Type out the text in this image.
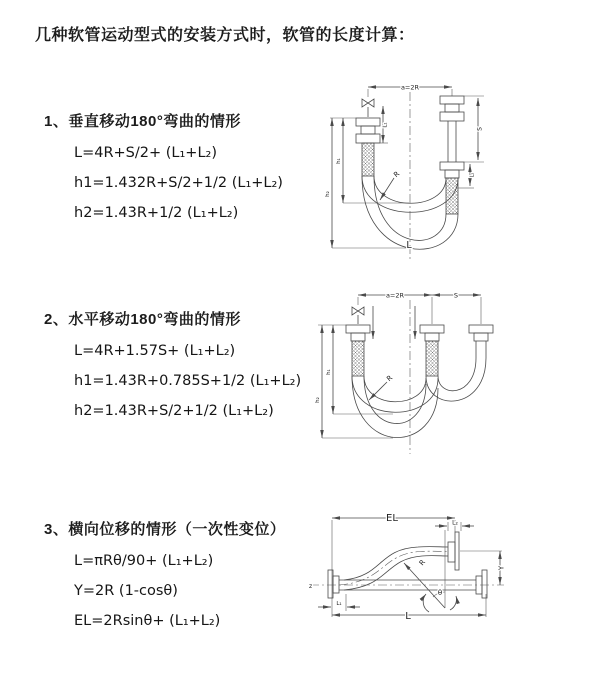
几种软管运动型式的安装方式时，软管的长度计算：
1、垂直移动180°弯曲的情形
L=4R+S/2+ (L₁+L₂)
h1=1.432R+S/2+1/2 (L₁+L₂)
h2=1.43R+1/2 (L₁+L₂)
2、水平移动180°弯曲的情形
L=4R+1.57S+ (L₁+L₂)
h1=1.43R+0.785S+1/2 (L₁+L₂)
h2=1.43R+S/2+1/2 (L₁+L₂)
3、横向位移的情形（一次性变位）
L=πRθ/90+ (L₁+L₂)
Y=2R (1-cosθ)
EL=2Rsinθ+ (L₁+L₂)
a=2R
L₁
S
L₂
h₁
h₂
R
L
a=2R	S
h₁
h₂
R
EL	L₂
z
R
θ
Y
L₁
L
